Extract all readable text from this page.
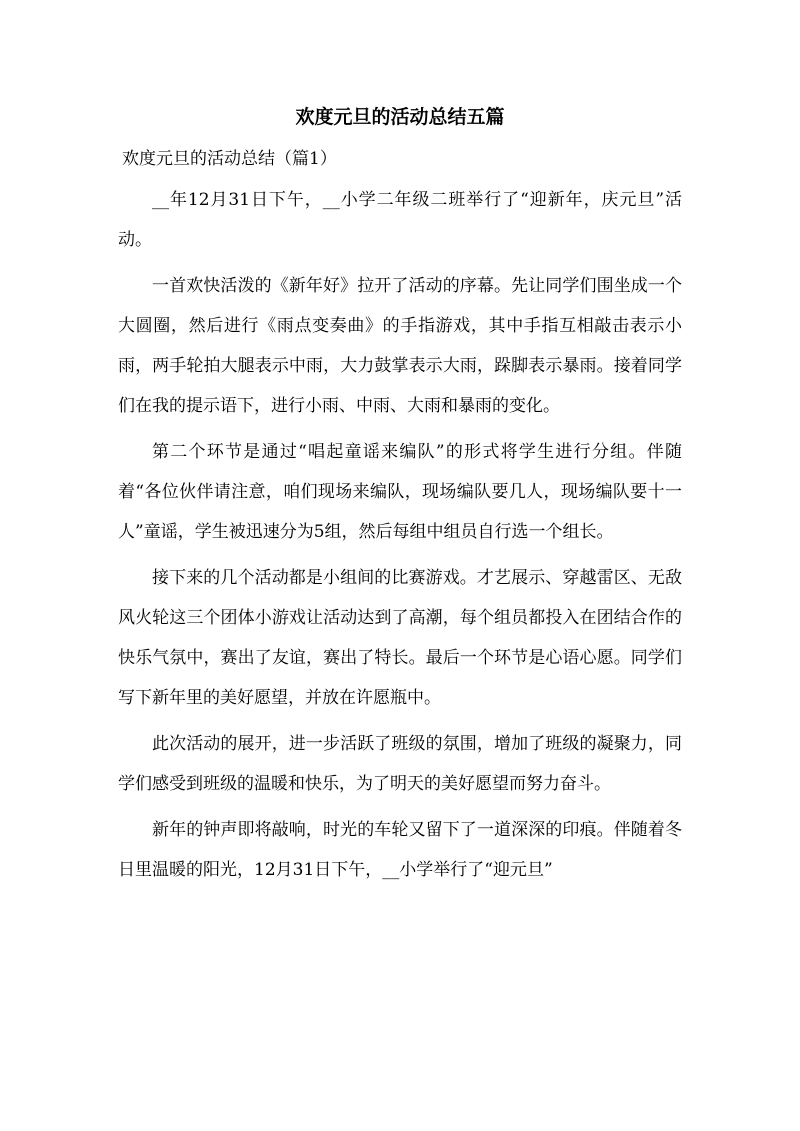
欢度元旦的活动总结五篇

欢度元旦的活动总结（篇1）

__年12月31日下午，__小学二年级二班举行了“迎新年，庆元旦”活动。

一首欢快活泼的《新年好》拉开了活动的序幕。先让同学们围坐成一个大圆圈，然后进行《雨点变奏曲》的手指游戏，其中手指互相敲击表示小雨，两手轮拍大腿表示中雨，大力鼓掌表示大雨，跺脚表示暴雨。接着同学们在我的提示语下，进行小雨、中雨、大雨和暴雨的变化。

第二个环节是通过“唱起童谣来编队”的形式将学生进行分组。伴随着“各位伙伴请注意，咱们现场来编队，现场编队要几人，现场编队要十一人”童谣，学生被迅速分为5组，然后每组中组员自行选一个组长。

接下来的几个活动都是小组间的比赛游戏。才艺展示、穿越雷区、无敌风火轮这三个团体小游戏让活动达到了高潮，每个组员都投入在团结合作的快乐气氛中，赛出了友谊，赛出了特长。最后一个环节是心语心愿。同学们写下新年里的美好愿望，并放在许愿瓶中。

此次活动的展开，进一步活跃了班级的氛围，增加了班级的凝聚力，同学们感受到班级的温暖和快乐，为了明天的美好愿望而努力奋斗。

新年的钟声即将敲响，时光的车轮又留下了一道深深的印痕。伴随着冬日里温暖的阳光，12月31日下午，__小学举行了“迎元旦”
